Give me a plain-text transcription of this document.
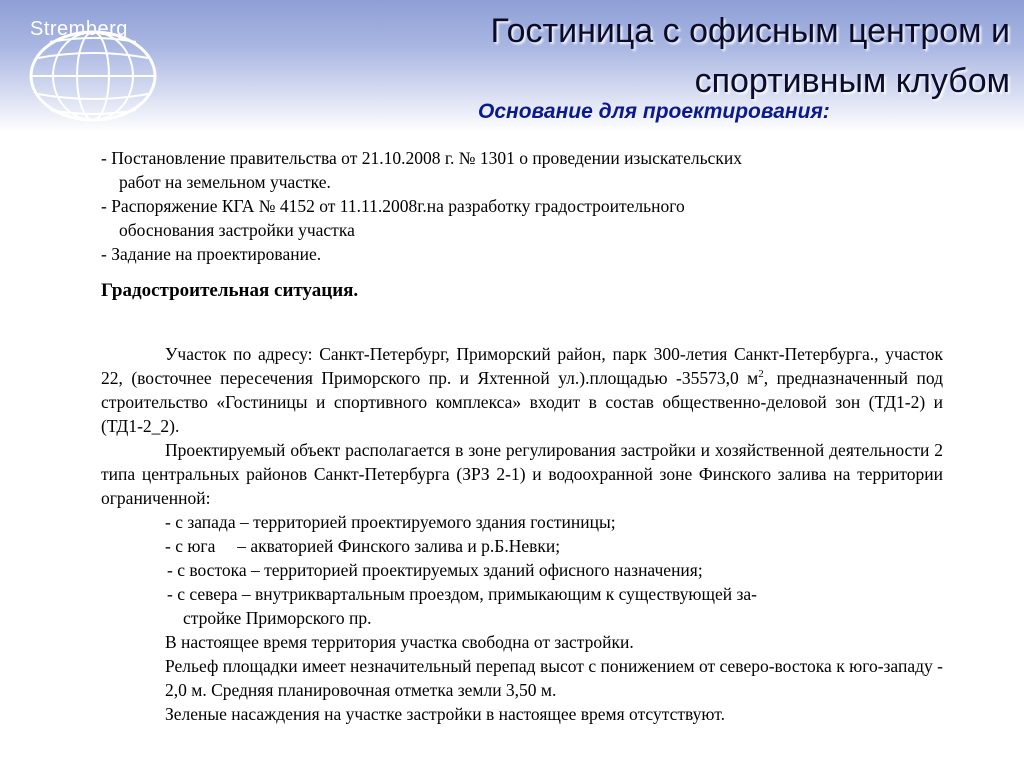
Stremberg	Гостиница с офисным центром и
спортивным клубом
Основание для проектирования:
- Постановление правительства от 21.10.2008 г. № 1301 о проведении изыскательских
работ на земельном участке.
- Распоряжение КГА № 4152 от 11.11.2008г.на разработку градостроительного
обоснования застройки участка
- Задание на проектирование.
Градостроительная ситуация.
Участок по адресу: Санкт-Петербург, Приморский район, парк 300-летия Санкт-Петербурга., участок 22, (восточнее пересечения Приморского пр. и Яхтенной ул.).площадью -35573,0 $м^2$, предназначенный под строительство «Гостиницы и спортивного комплекса» входит в состав общественно-деловой зон (ТД1-2) и (ТД1-2_2).
Проектируемый объект располагается в зоне регулирования застройки и хозяйственной деятельности 2 типа центральных районов Санкт-Петербурга (ЗРЗ 2-1) и водоохранной зоне Финского залива на территории ограниченной:
- с запада – территорией проектируемого здания гостиницы;
- с юга     – акваторией Финского залива и р.Б.Невки;
- с востока – территорией проектируемых зданий офисного назначения;
- с севера – внутриквартальным проездом, примыкающим к существующей за-
стройке Приморского пр.
В настоящее время территория участка свободна от застройки.
Рельеф площадки имеет незначительный перепад высот с понижением от северо-востока к юго-западу - 2,0 м. Средняя планировочная отметка земли 3,50 м.
Зеленые насаждения на участке застройки в настоящее время отсутствуют.
